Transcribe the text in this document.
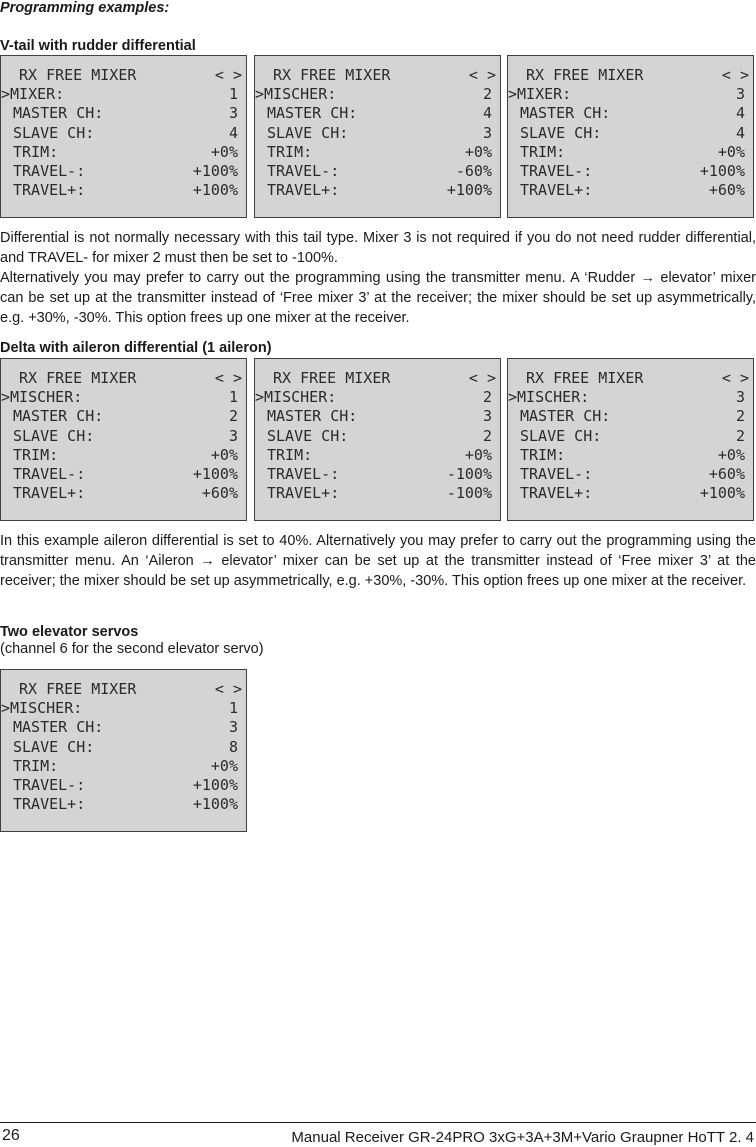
Programming examples:
V-tail with rudder differential
RX FREE MIXER	< >
>MIXER:	1
MASTER CH:	3
SLAVE CH:	4
TRIM:	+0%
TRAVEL-:	+100%
TRAVEL+:	+100%
RX FREE MIXER	< >
>MISCHER:	2
MASTER CH:	4
SLAVE CH:	3
TRIM:	+0%
TRAVEL-:	-60%
TRAVEL+:	+100%
RX FREE MIXER	< >
>MIXER:	3
MASTER CH:	4
SLAVE CH:	4
TRIM:	+0%
TRAVEL-:	+100%
TRAVEL+:	+60%

Differential is not normally necessary with this tail type. Mixer 3 is not required if you do not need rudder differential, and TRAVEL- for mixer 2 must then be set to -100%.

Alternatively you may prefer to carry out the programming using the transmitter menu. A ‘Rudder → elevator’ mixer can be set up at the transmitter instead of ‘Free mixer 3’ at the receiver; the mixer should be set up asymmetrically, e.g. +30%, -30%. This option frees up one mixer at the receiver.

Delta with aileron differential (1 aileron)
RX FREE MIXER	< >
>MISCHER:	1
MASTER CH:	2
SLAVE CH:	3
TRIM:	+0%
TRAVEL-:	+100%
TRAVEL+:	+60%
RX FREE MIXER	< >
>MISCHER:	2
MASTER CH:	3
SLAVE CH:	2
TRIM:	+0%
TRAVEL-:	-100%
TRAVEL+:	-100%
RX FREE MIXER	< >
>MISCHER:	3
MASTER CH:	2
SLAVE CH:	2
TRIM:	+0%
TRAVEL-:	+60%
TRAVEL+:	+100%

In this example aileron differential is set to 40%. Alternatively you may prefer to carry out the programming using the transmitter menu. An ‘Aileron → elevator’ mixer can be set up at the transmitter instead of ‘Free mixer 3’ at the receiver; the mixer should be set up asymmetrically, e.g. +30%, -30%. This option frees up one mixer at the receiver.

Two elevator servos
(channel 6 for the second elevator servo)
RX FREE MIXER	< >
>MISCHER:	1
MASTER CH:	3
SLAVE CH:	8
TRIM:	+0%
TRAVEL-:	+100%
TRAVEL+:	+100%
26	Manual Receiver GR-24PRO 3xG+3A+3M+Vario Graupner HoTT 2. 4
